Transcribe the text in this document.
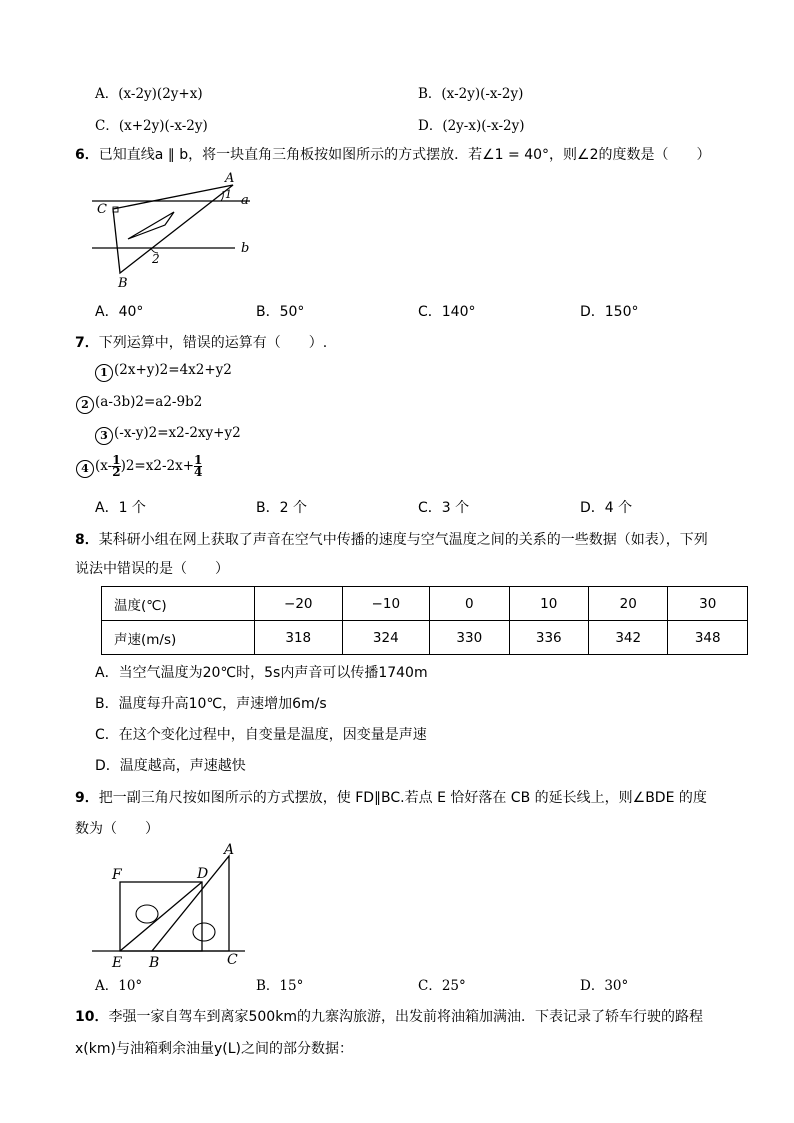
A．(x-2y)(2y+x)	B．(x-2y)(-x-2y)
C．(x+2y)(-x-2y)	D．(2y-x)(-x-2y)
6．已知直线a ∥ b，将一块直角三角板按如图所示的方式摆放．若∠1 = 40°，则∠2的度数是（　　）
A
C
B
a
b
1
2
A．40°	B．50°	C．140°	D．150°
7．下列运算中，错误的运算有（　　）.
1 (2x+y)2=4x2+y2
2 (a-3b)2=a2-9b2
3 (-x-y)2=x2-2xy+y2
4 $(x- \frac{1}{2} )2=x2-2x+ \frac{1}{4}$
A．1 个	B．2 个	C．3 个	D．4 个
8．某科研小组在网上获取了声音在空气中传播的速度与空气温度之间的关系的一些数据（如表），下列
说法中错误的是（　　）
温度(℃)	−20	−10	0	10	20	30
声速(m/s)	318	324	330	336	342	348
A．当空气温度为20℃时，5s内声音可以传播1740m
B．温度每升高10℃，声速增加6m/s
C．在这个变化过程中，自变量是温度，因变量是声速
D．温度越高，声速越快
9．把一副三角尺按如图所示的方式摆放，使 FD∥BC.若点 E 恰好落在 CB 的延长线上，则∠BDE 的度
数为（　　）
A
F	D
E B	C
A．10°	B．15°	C．25°	D．30°
10．李强一家自驾车到离家500km的九寨沟旅游，出发前将油箱加满油．下表记录了轿车行驶的路程
x(km)与油箱剩余油量y(L)之间的部分数据：
